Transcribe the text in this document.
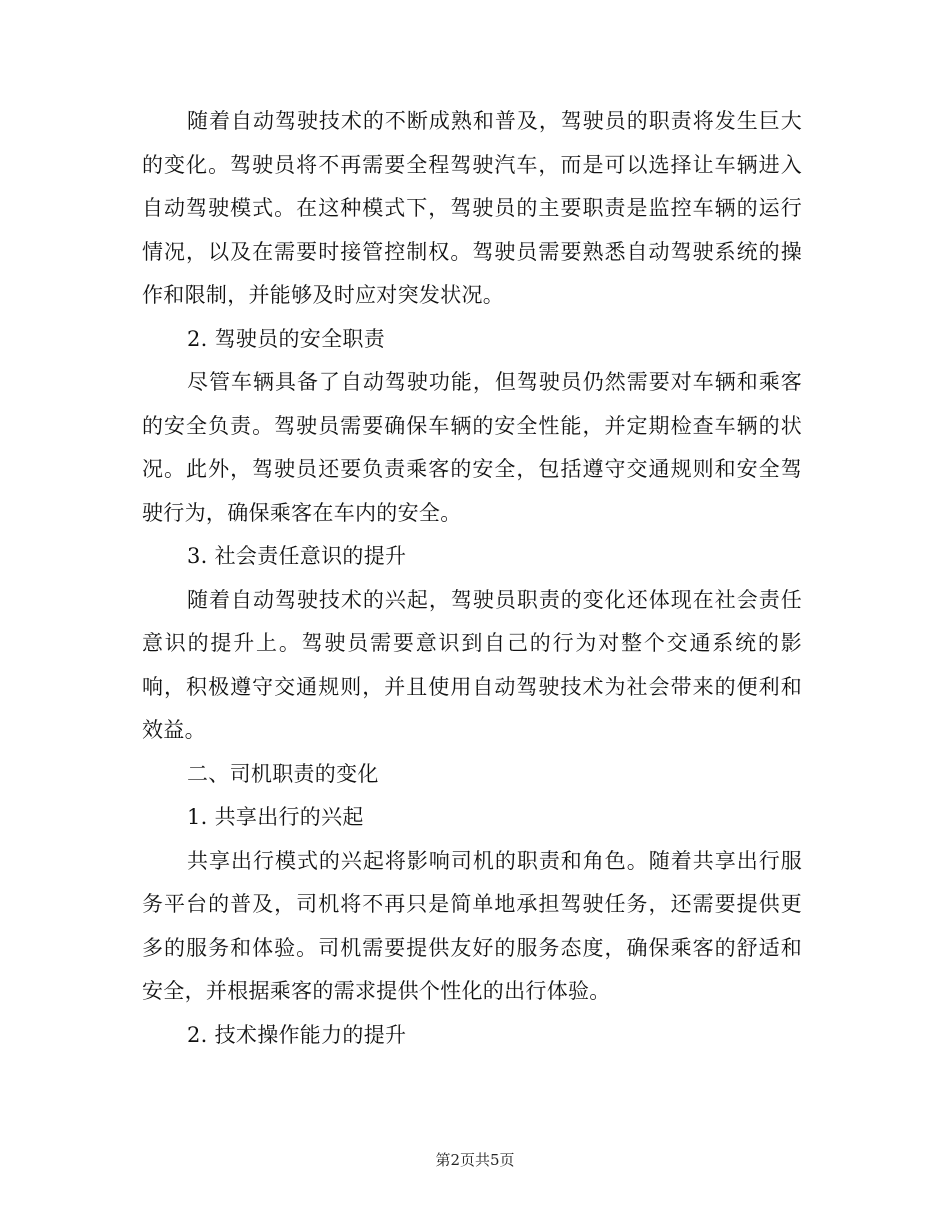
随着自动驾驶技术的不断成熟和普及，驾驶员的职责将发生巨大的变化。驾驶员将不再需要全程驾驶汽车，而是可以选择让车辆进入自动驾驶模式。在这种模式下，驾驶员的主要职责是监控车辆的运行情况，以及在需要时接管控制权。驾驶员需要熟悉自动驾驶系统的操作和限制，并能够及时应对突发状况。

2. 驾驶员的安全职责

尽管车辆具备了自动驾驶功能，但驾驶员仍然需要对车辆和乘客的安全负责。驾驶员需要确保车辆的安全性能，并定期检查车辆的状况。此外，驾驶员还要负责乘客的安全，包括遵守交通规则和安全驾驶行为，确保乘客在车内的安全。

3. 社会责任意识的提升

随着自动驾驶技术的兴起，驾驶员职责的变化还体现在社会责任意识的提升上。驾驶员需要意识到自己的行为对整个交通系统的影响，积极遵守交通规则，并且使用自动驾驶技术为社会带来的便利和效益。

二、司机职责的变化

1. 共享出行的兴起

共享出行模式的兴起将影响司机的职责和角色。随着共享出行服务平台的普及，司机将不再只是简单地承担驾驶任务，还需要提供更多的服务和体验。司机需要提供友好的服务态度，确保乘客的舒适和安全，并根据乘客的需求提供个性化的出行体验。

2. 技术操作能力的提升

第2页共5页
